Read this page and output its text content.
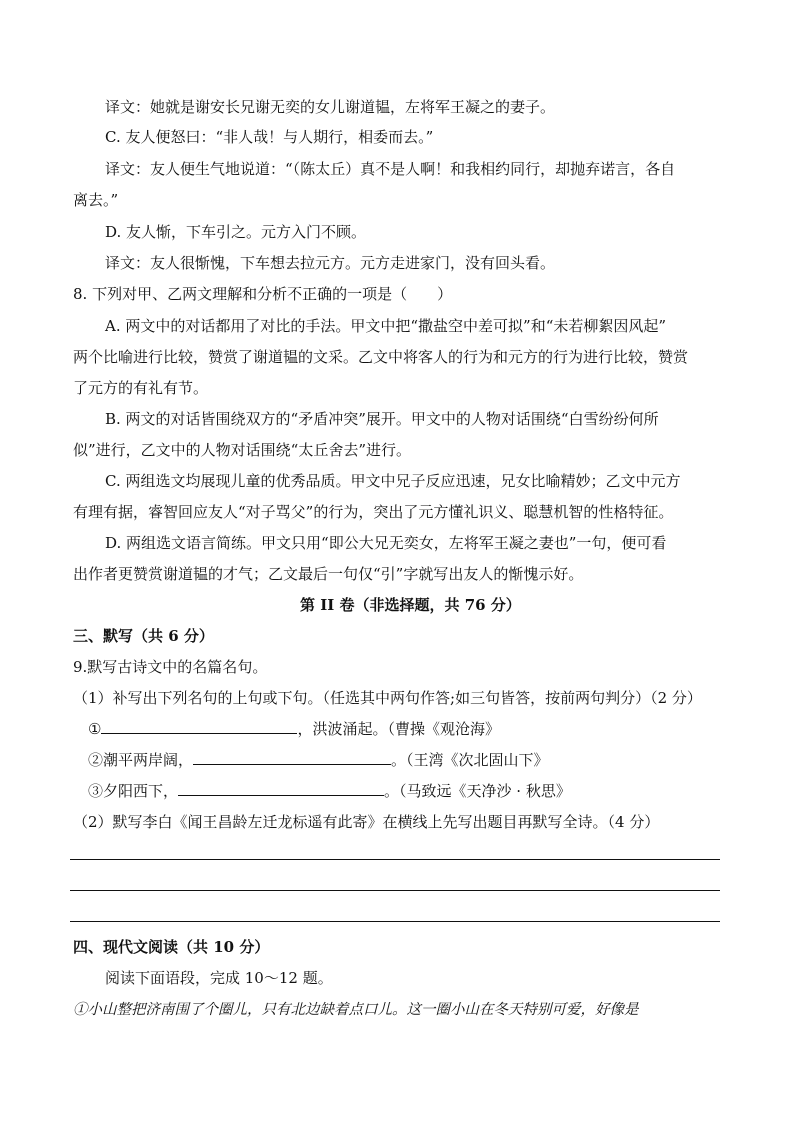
译文：她就是谢安长兄谢无奕的女儿谢道韫，左将军王凝之的妻子。
C. 友人便怒曰：“非人哉！与人期行，相委而去。”
译文：友人便生气地说道：“（陈太丘）真不是人啊！和我相约同行，却抛弃诺言，各自
离去。”
D. 友人惭，下车引之。元方入门不顾。
译文：友人很惭愧，下车想去拉元方。元方走进家门，没有回头看。
8. 下列对甲、乙两文理解和分析不正确的一项是（　　）
A. 两文中的对话都用了对比的手法。甲文中把“撒盐空中差可拟”和“未若柳絮因风起”
两个比喻进行比较，赞赏了谢道韫的文采。乙文中将客人的行为和元方的行为进行比较，赞赏
了元方的有礼有节。
B. 两文的对话皆围绕双方的“矛盾冲突”展开。甲文中的人物对话围绕“白雪纷纷何所
似”进行，乙文中的人物对话围绕“太丘舍去”进行。
C. 两组选文均展现儿童的优秀品质。甲文中兄子反应迅速，兄女比喻精妙；乙文中元方
有理有据，睿智回应友人“对子骂父”的行为，突出了元方懂礼识义、聪慧机智的性格特征。
D. 两组选文语言简练。甲文只用“即公大兄无奕女，左将军王凝之妻也”一句，便可看
出作者更赞赏谢道韫的才气；乙文最后一句仅“引”字就写出友人的惭愧示好。
第 II 卷（非选择题，共 76 分）
三、默写（共 6 分）
9.默写古诗文中的名篇名句。
（1）补写出下列名句的上句或下句。（任选其中两句作答;如三句皆答，按前两句判分）（2 分）
①	，洪波涌起。（曹操《观沧海》
②潮平两岸阔，	。（王湾《次北固山下》
③夕阳西下，	。（马致远《天净沙 · 秋思》
（2）默写李白《闻王昌龄左迁龙标遥有此寄》在横线上先写出题目再默写全诗。（4 分）
四、现代文阅读（共 10 分）
阅读下面语段，完成 10～12 题。
①小山整把济南围了个圈儿，只有北边缺着点口儿。这一圈小山在冬天特别可爱，好像是
